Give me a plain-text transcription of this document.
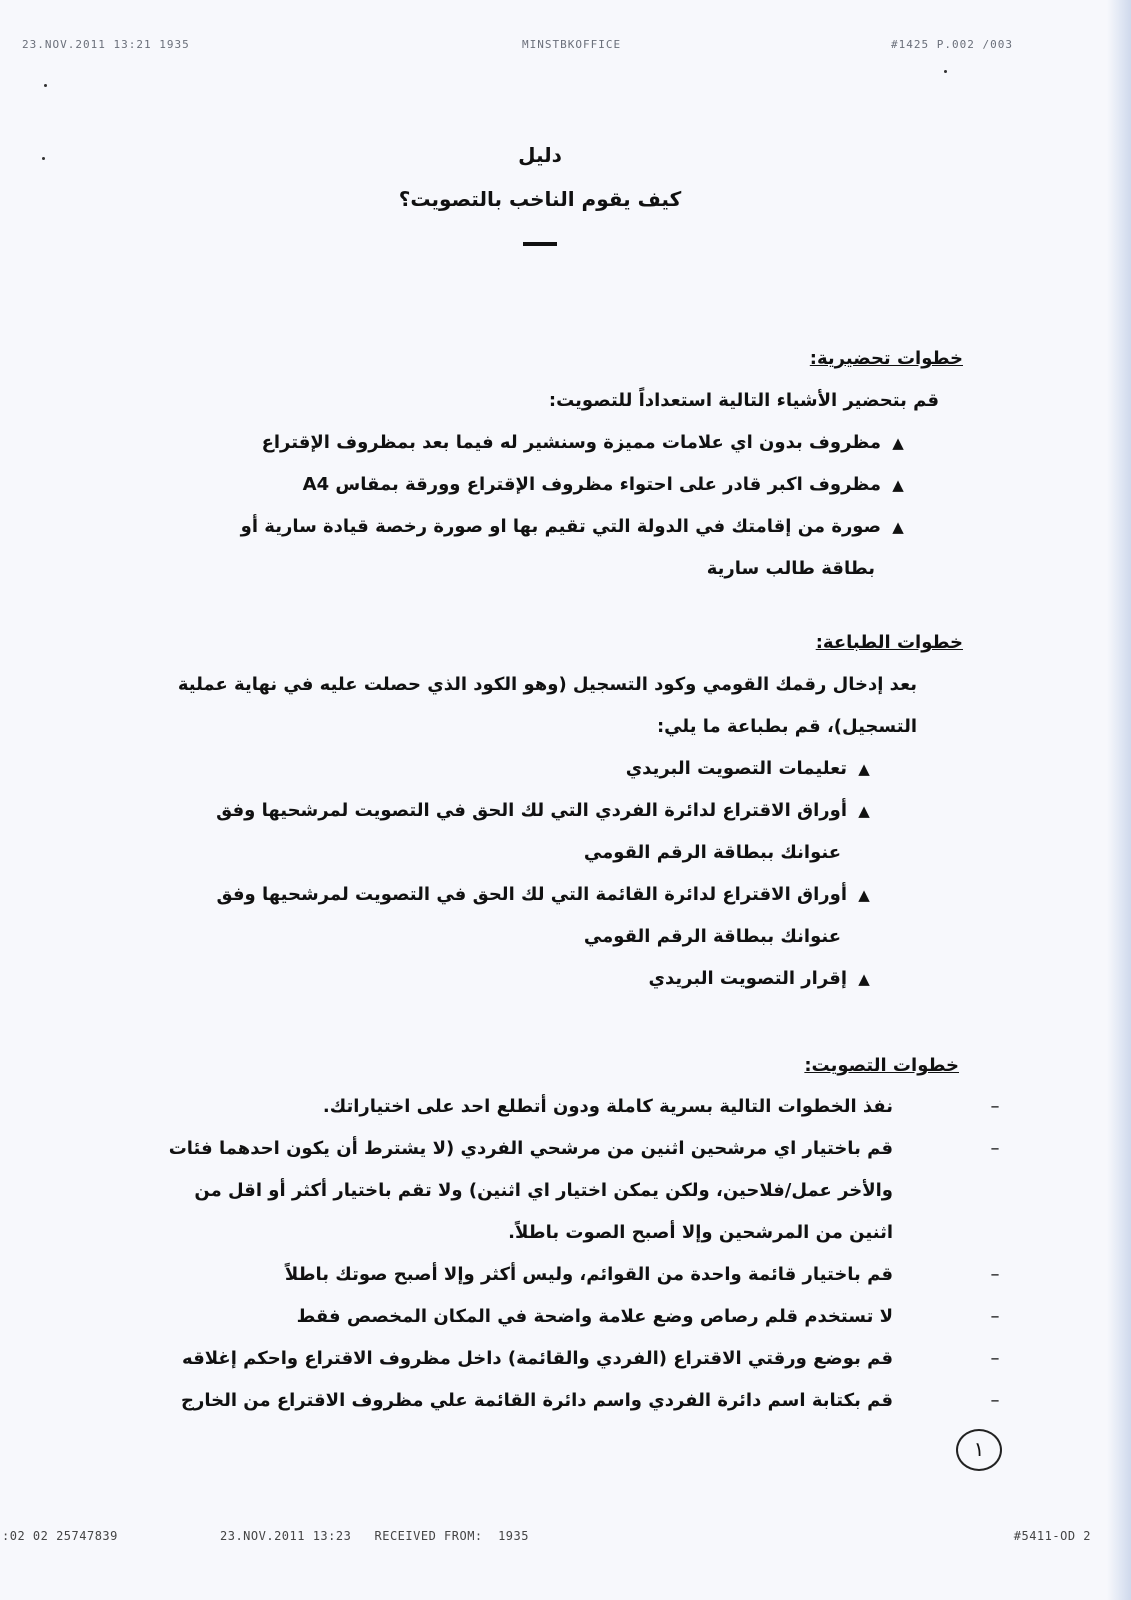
23.NOV.2011 13:21 1935	MINSTBKOFFICE	#1425 P.002 /003
دليل
كيف يقوم الناخب بالتصويت؟
خطوات تحضيرية:

قم بتحضير الأشياء التالية استعداداً للتصويت:

▲مظروف بدون اي علامات مميزة وسنشير له فيما بعد بمظروف الإقتراع
▲مظروف اكبر قادر على احتواء مظروف الإقتراع وورقة بمقاس A4
▲صورة من إقامتك في الدولة التي تقيم بها او صورة رخصة قيادة سارية أو
بطاقة طالب سارية
خطوات الطباعة:

بعد إدخال رقمك القومي وكود التسجيل (وهو الكود الذي حصلت عليه في نهاية عملية

التسجيل)، قم بطباعة ما يلي:

▲تعليمات التصويت البريدي
▲أوراق الاقتراع لدائرة الفردي التي لك الحق في التصويت لمرشحيها وفق
عنوانك ببطاقة الرقم القومي
▲أوراق الاقتراع لدائرة القائمة التي لك الحق في التصويت لمرشحيها وفق
عنوانك ببطاقة الرقم القومي
▲إقرار التصويت البريدي
خطوات التصويت:
–
نفذ الخطوات التالية بسرية كاملة ودون أتطلع احد على اختياراتك.
–
قم باختيار اي مرشحين اثنين من مرشحي الفردي (لا يشترط أن يكون احدهما فئات
والأخر عمل/فلاحين، ولكن يمكن اختيار اي اثنين) ولا تقم باختيار أكثر أو اقل من
اثنين من المرشحين وإلا أصبح الصوت باطلاً.
–
قم باختيار قائمة واحدة من القوائم، وليس أكثر وإلا أصبح صوتك باطلاً
–
لا تستخدم قلم رصاص وضع علامة واضحة في المكان المخصص فقط
–
قم بوضع ورقتي الاقتراع (الفردي والقائمة) داخل مظروف الاقتراع واحكم إغلاقه
–
قم بكتابة اسم دائرة الفردي واسم دائرة القائمة علي مظروف الاقتراع من الخارج
١
:02 02 25747839	23.NOV.2011 13:23   RECEIVED FROM:  1935	#5411-OD 2
